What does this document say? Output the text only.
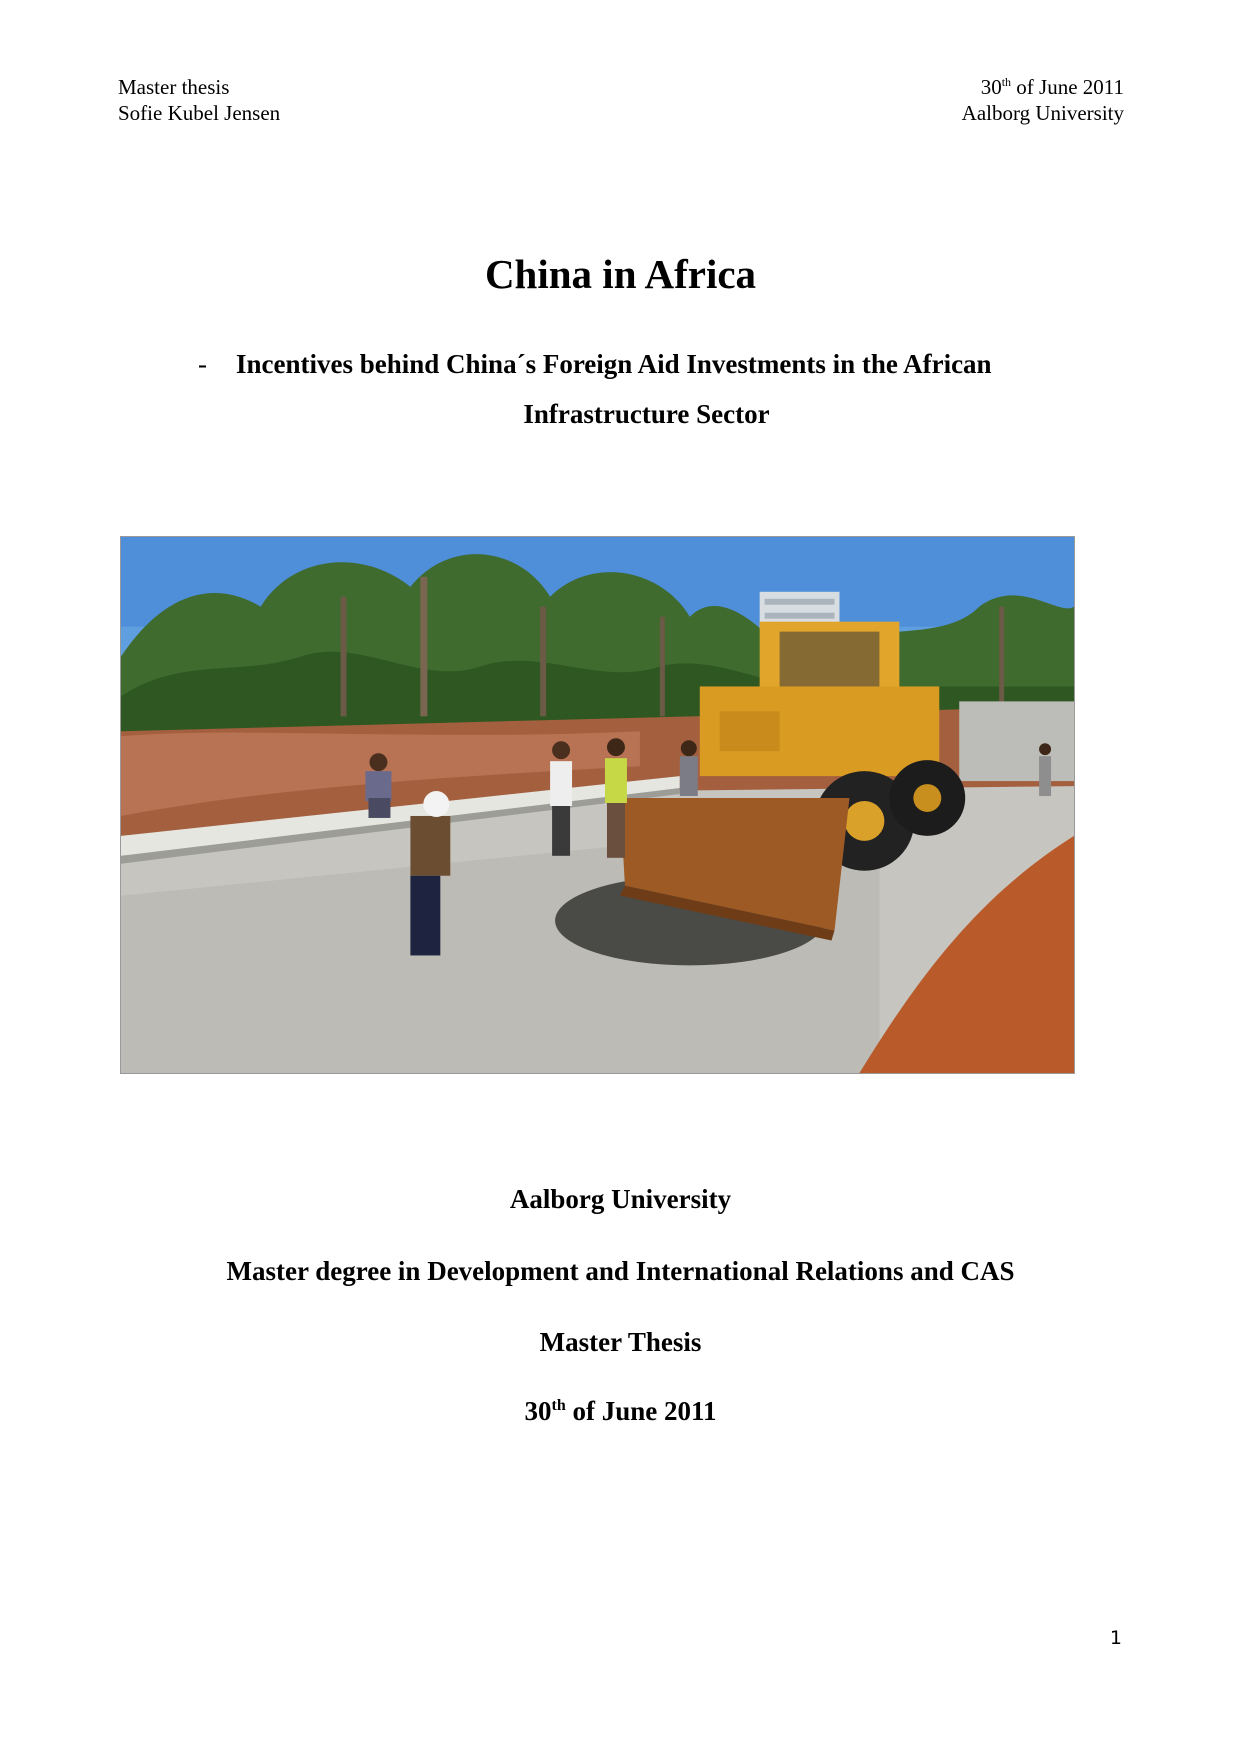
Master thesis
Sofie Kubel Jensen
30th of June 2011
Aalborg University
China in Africa
- Incentives behind China´s Foreign Aid Investments in the African
Infrastructure Sector
Aalborg University
Master degree in Development and International Relations and CAS
Master Thesis
30th of June 2011
1
